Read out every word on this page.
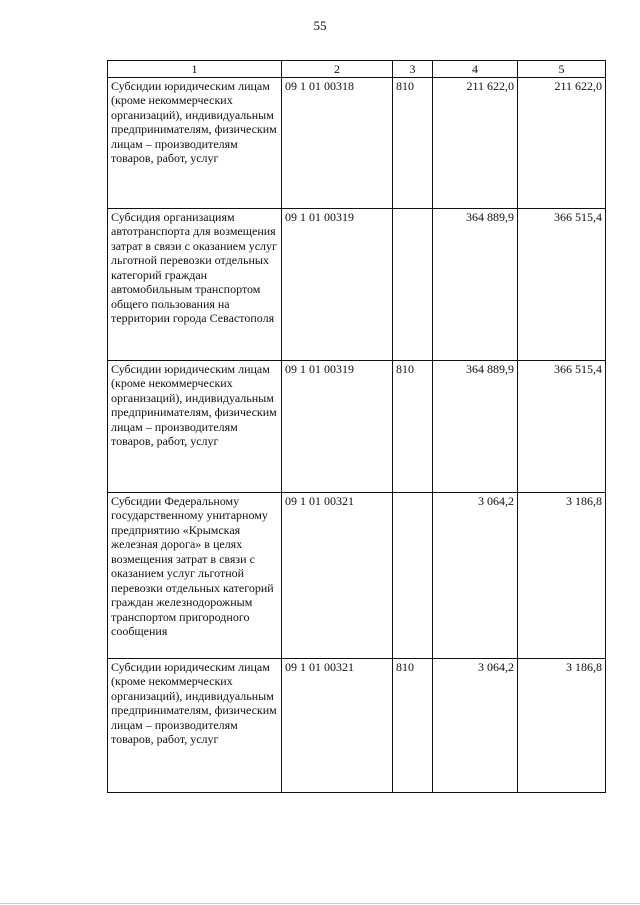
55
1	2	3	4	5
Субсидии юридическим лицам (кроме некоммерческих организаций), индивидуальным предпринимателям, физическим лицам – производителям товаров, работ, услуг	09 1 01 00318	810	211 622,0	211 622,0
Субсидия организациям автотранспорта для возмещения затрат в связи с оказанием услуг льготной перевозки отдельных категорий граждан автомобильным транспортом общего пользования на территории города Севастополя	09 1 01 00319		364 889,9	366 515,4
Субсидии юридическим лицам (кроме некоммерческих организаций), индивидуальным предпринимателям, физическим лицам – производителям товаров, работ, услуг	09 1 01 00319	810	364 889,9	366 515,4
Субсидии Федеральному государственному унитарному предприятию «Крымская железная дорога» в целях возмещения затрат в связи с оказанием услуг льготной перевозки отдельных категорий граждан железнодорожным транспортом пригородного сообщения	09 1 01 00321		3 064,2	3 186,8
Субсидии юридическим лицам (кроме некоммерческих организаций), индивидуальным предпринимателям, физическим лицам – производителям товаров, работ, услуг	09 1 01 00321	810	3 064,2	3 186,8
